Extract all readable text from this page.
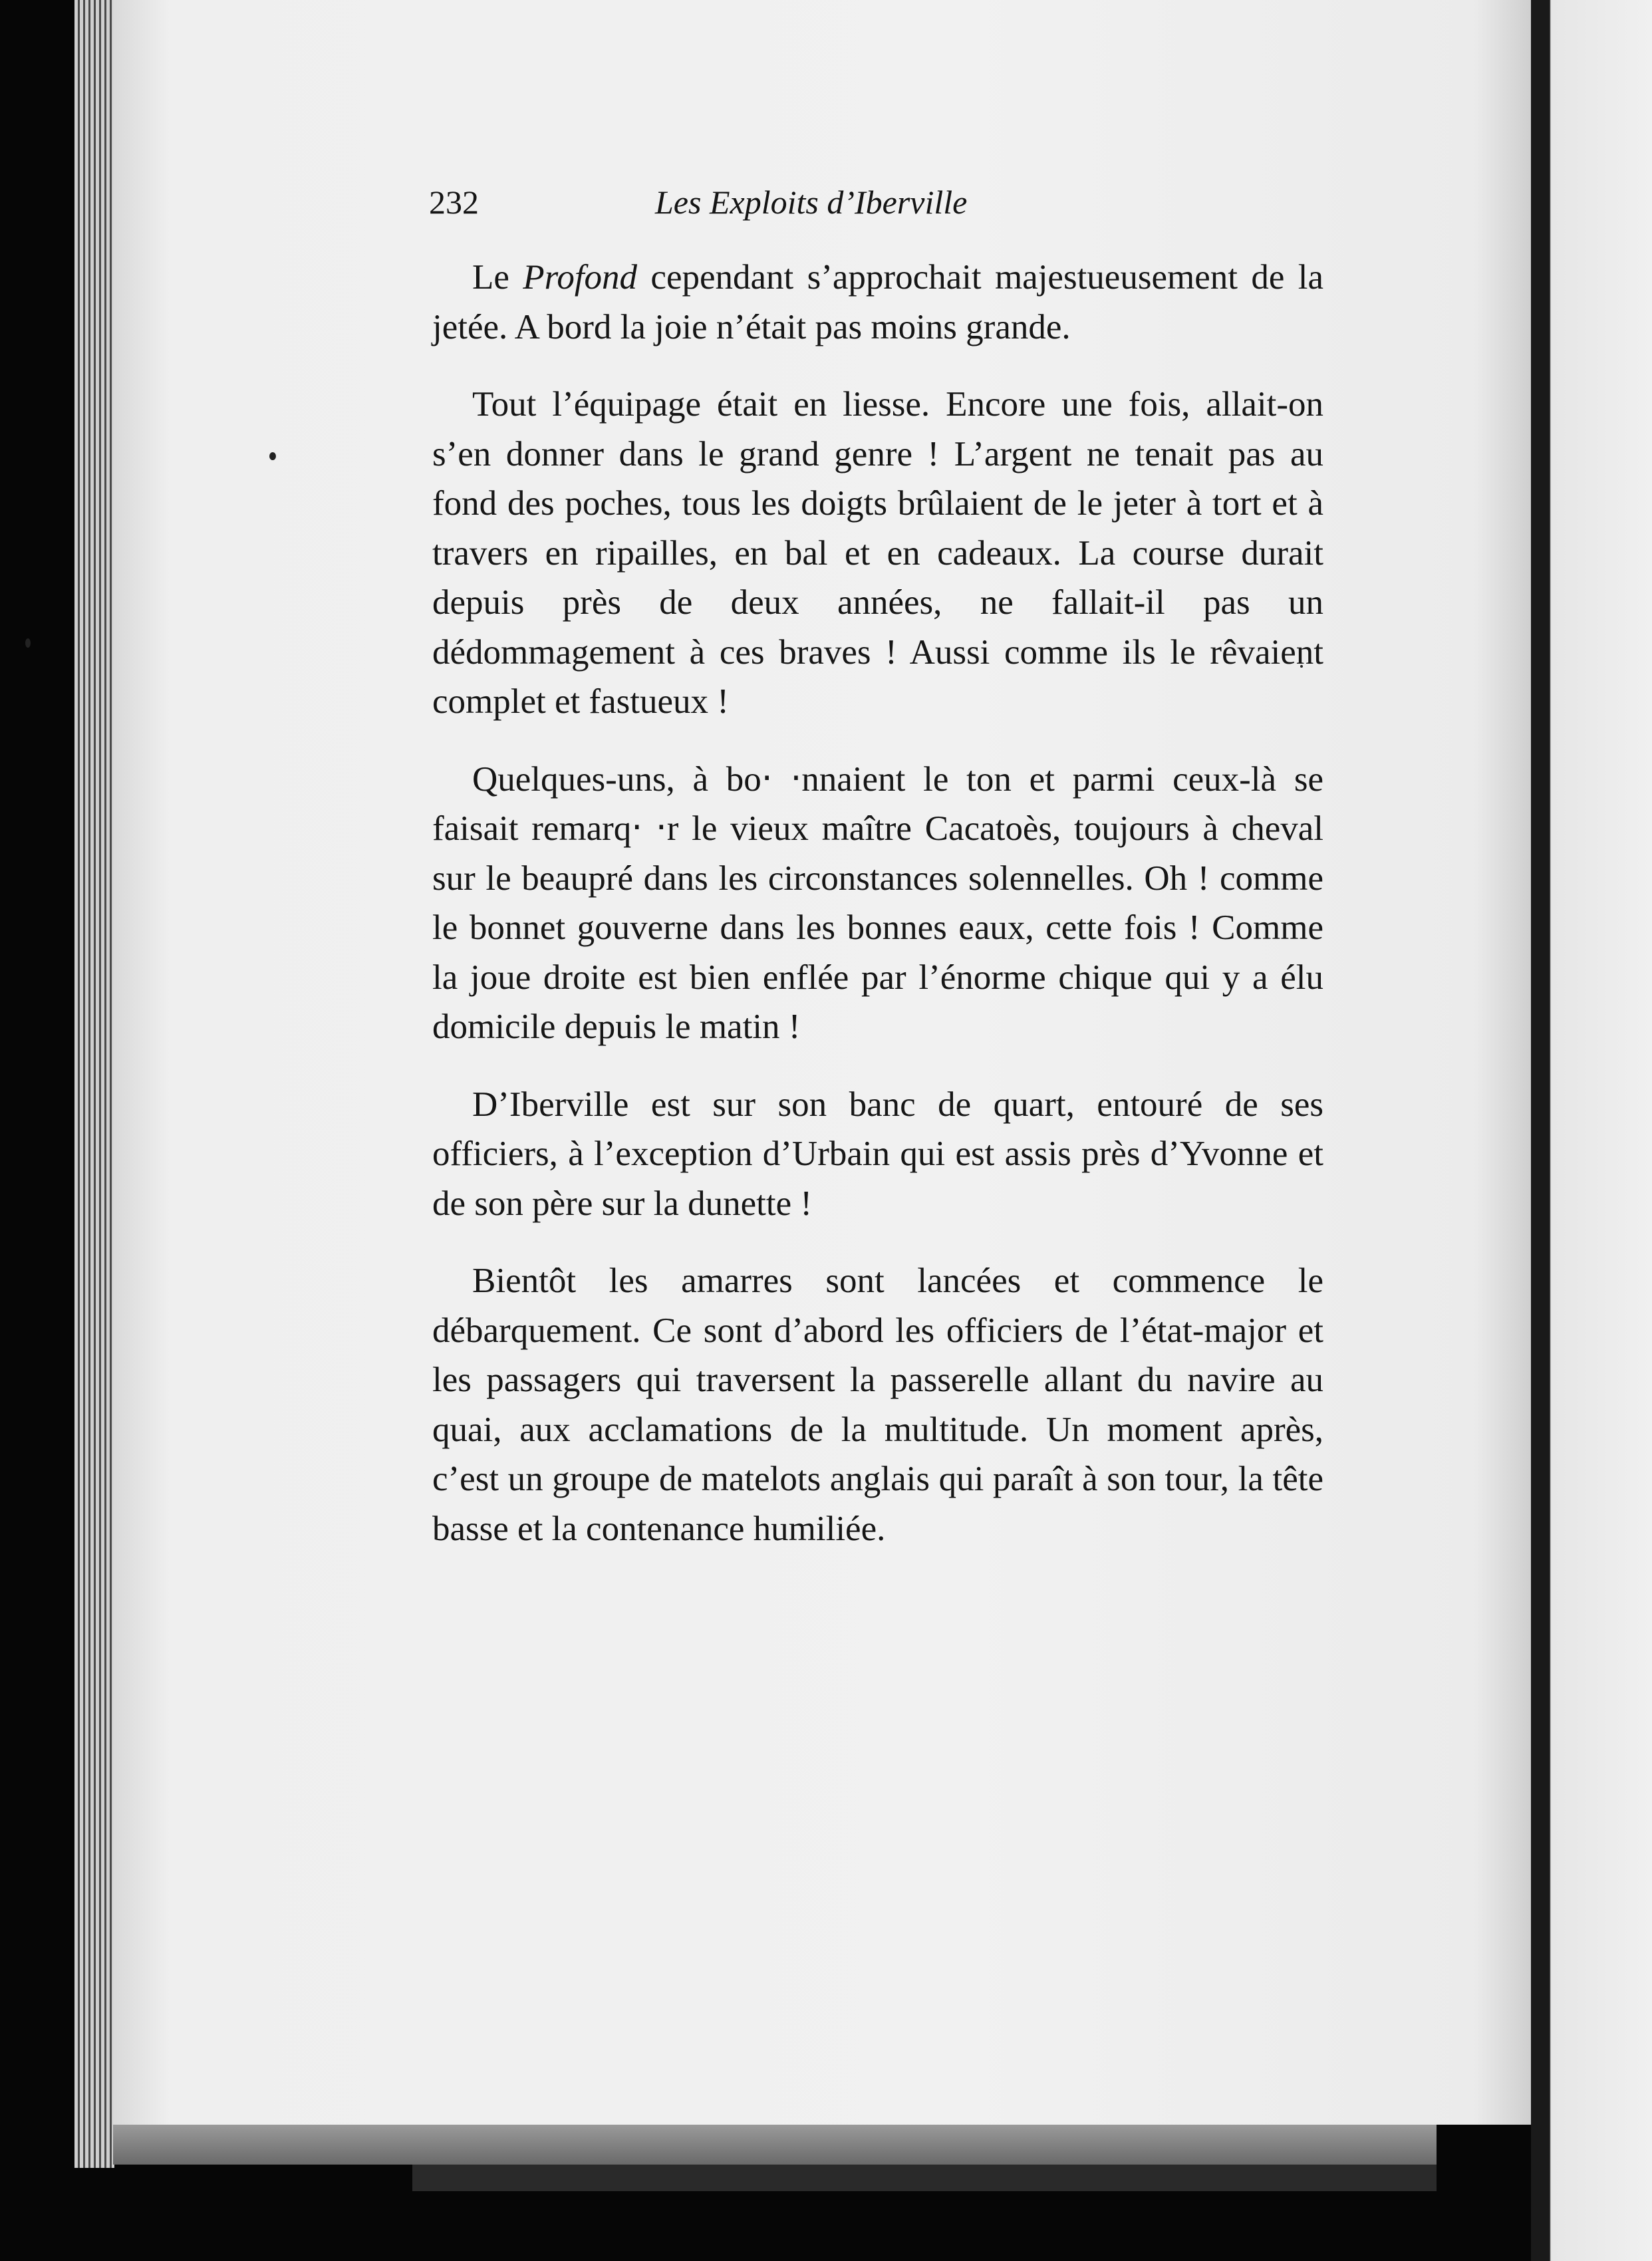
232	Les Exploits d’Iberville

Le Profond cependant s’approchait majestueusement de la jetée. A bord la joie n’était pas moins grande.

Tout l’équipage était en liesse. Encore une fois, allait-on s’en donner dans le grand genre ! L’argent ne tenait pas au fond des poches, tous les doigts brûlaient de le jeter à tort et à travers en ripailles, en bal et en cadeaux. La course durait depuis près de deux années, ne fallait-il pas un dédommagement à ces braves ! Aussi comme ils le rêvaient complet et fastueux !

Quelques-uns, à bo‧ ‧nnaient le ton et parmi ceux-là se faisait remarq‧ ‧r le vieux maître Cacatoès, toujours à cheval sur le beaupré dans les circonstances solennelles. Oh ! comme le bonnet gouverne dans les bonnes eaux, cette fois ! Comme la joue droite est bien enflée par l’énorme chique qui y a élu domicile depuis le matin !

D’Iberville est sur son banc de quart, entouré de ses officiers, à l’exception d’Urbain qui est assis près d’Yvonne et de son père sur la dunette !

Bientôt les amarres sont lancées et commence le débarquement. Ce sont d’abord les officiers de l’état-major et les passagers qui traversent la passerelle allant du navire au quai, aux acclamations de la multitude. Un moment après, c’est un groupe de matelots anglais qui paraît à son tour, la tête basse et la contenance humiliée.
